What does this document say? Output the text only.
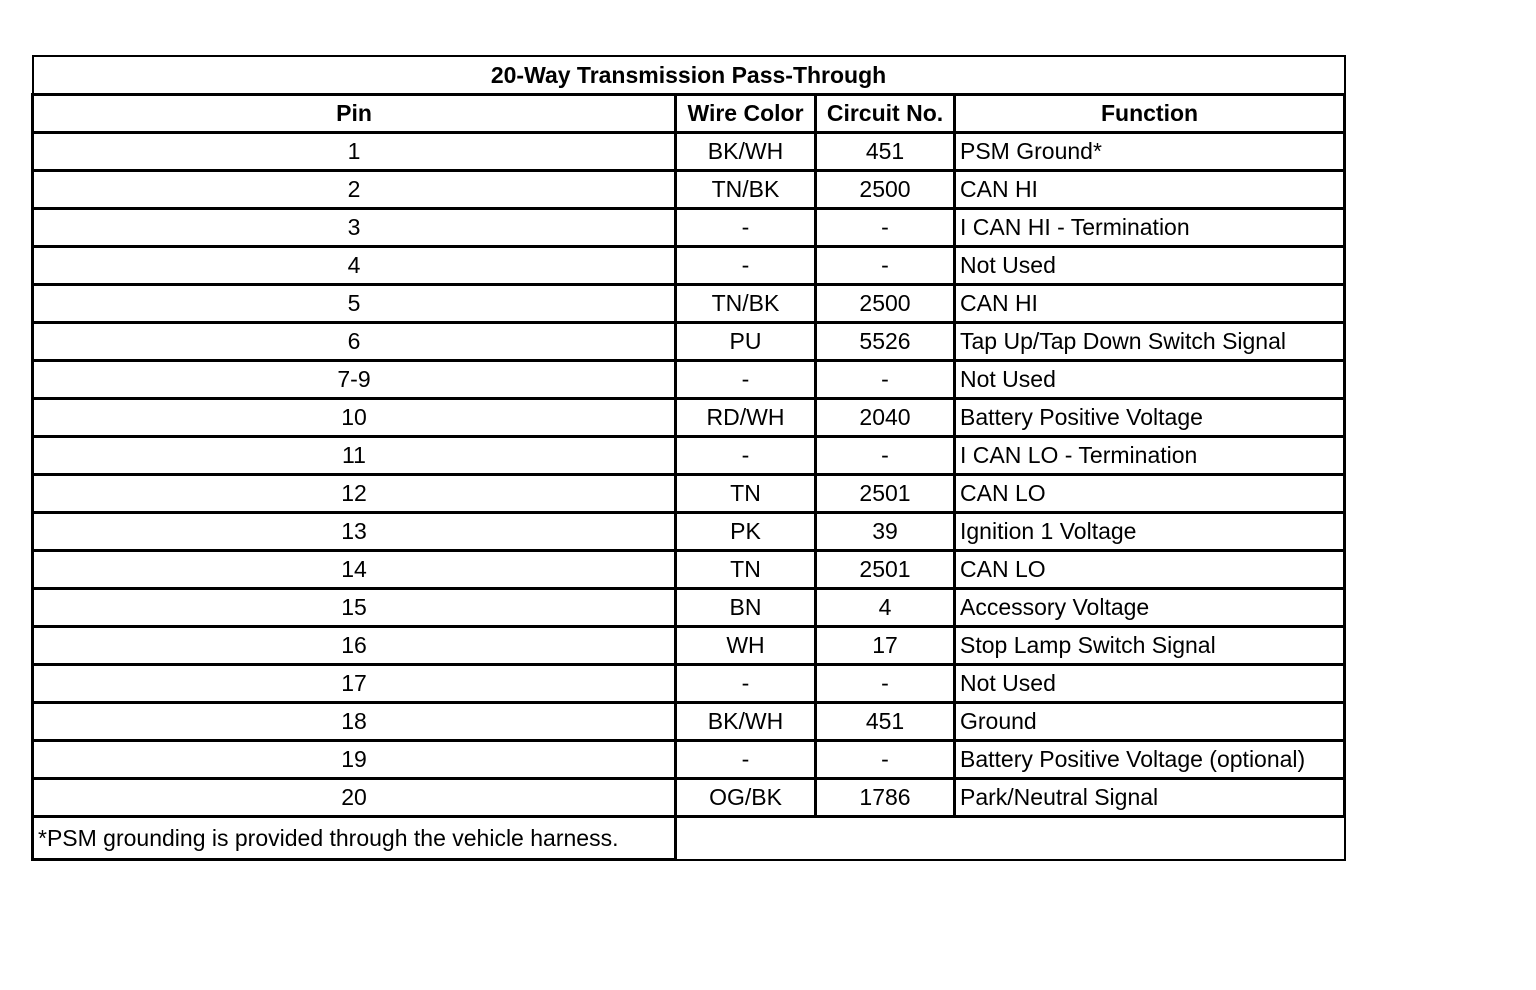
20-Way Transmission Pass-Through			
Pin	Wire Color	Circuit No.	Function
1	BK/WH	451	PSM Ground*
2	TN/BK	2500	CAN HI
3	-	-	I CAN HI - Termination
4	-	-	Not Used
5	TN/BK	2500	CAN HI
6	PU	5526	Tap Up/Tap Down Switch Signal
7-9	-	-	Not Used
10	RD/WH	2040	Battery Positive Voltage
11	-	-	I CAN LO - Termination
12	TN	2501	CAN LO
13	PK	39	Ignition 1 Voltage
14	TN	2501	CAN LO
15	BN	4	Accessory Voltage
16	WH	17	Stop Lamp Switch Signal
17	-	-	Not Used
18	BK/WH	451	Ground
19	-	-	Battery Positive Voltage (optional)
20	OG/BK	1786	Park/Neutral Signal
*PSM grounding is provided through the vehicle harness.			
